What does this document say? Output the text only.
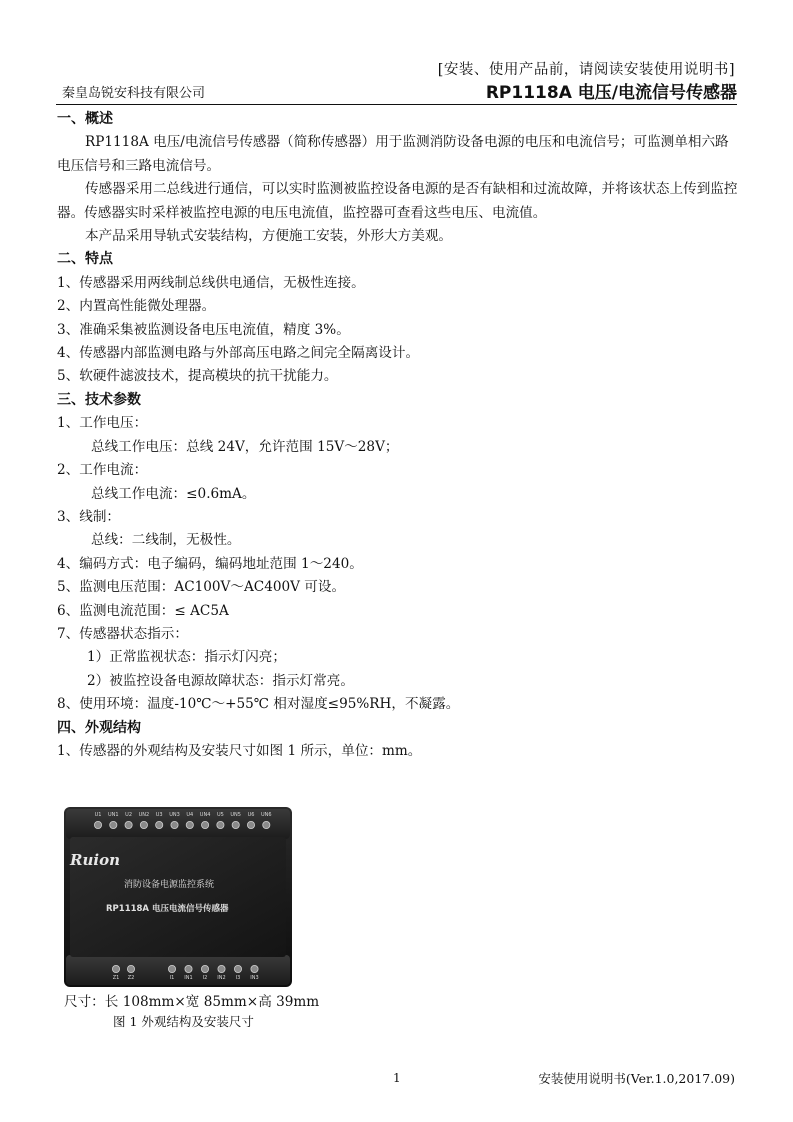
[安装、使用产品前，请阅读安装使用说明书]
秦皇岛锐安科技有限公司	RP1118A 电压/电流信号传感器

一、概述

RP1118A 电压/电流信号传感器（简称传感器）用于监测消防设备电源的电压和电流信号；可监测单相六路电压信号和三路电流信号。

传感器采用二总线进行通信，可以实时监测被监控设备电源的是否有缺相和过流故障，并将该状态上传到监控器。传感器实时采样被监控电源的电压电流值，监控器可查看这些电压、电流值。

本产品采用导轨式安装结构，方便施工安装，外形大方美观。

二、特点

1、传感器采用两线制总线供电通信，无极性连接。

2、内置高性能微处理器。

3、准确采集被监测设备电压电流值，精度 3%。

4、传感器内部监测电路与外部高压电路之间完全隔离设计。

5、软硬件滤波技术，提高模块的抗干扰能力。

三、技术参数

1、工作电压：

总线工作电压：总线 24V，允许范围 15V～28V；

2、工作电流：

总线工作电流：≤0.6mA。

3、线制：

总线：二线制，无极性。

4、编码方式：电子编码，编码地址范围 1～240。

5、监测电压范围：AC100V～AC400V 可设。

6、监测电流范围：≤ AC5A

7、传感器状态指示：

1）正常监视状态：指示灯闪亮；

2）被监控设备电源故障状态：指示灯常亮。

8、使用环境：温度-10℃～+55℃ 相对湿度≤95%RH，不凝露。

四、外观结构

1、传感器的外观结构及安装尺寸如图 1 所示，单位：mm。

U1 UN1 U2 UN2 U3 UN3 U4 UN4 U5 UN5 U6 UN6
Z1 Z2	I1 IN1 I2 IN2 I3 IN3
Ruion
消防设备电源监控系统
RP1118A 电压电流信号传感器
尺寸：长 108mm×宽 85mm×高 39mm
图 1 外观结构及安装尺寸
1	安装使用说明书(Ver.1.0,2017.09)
